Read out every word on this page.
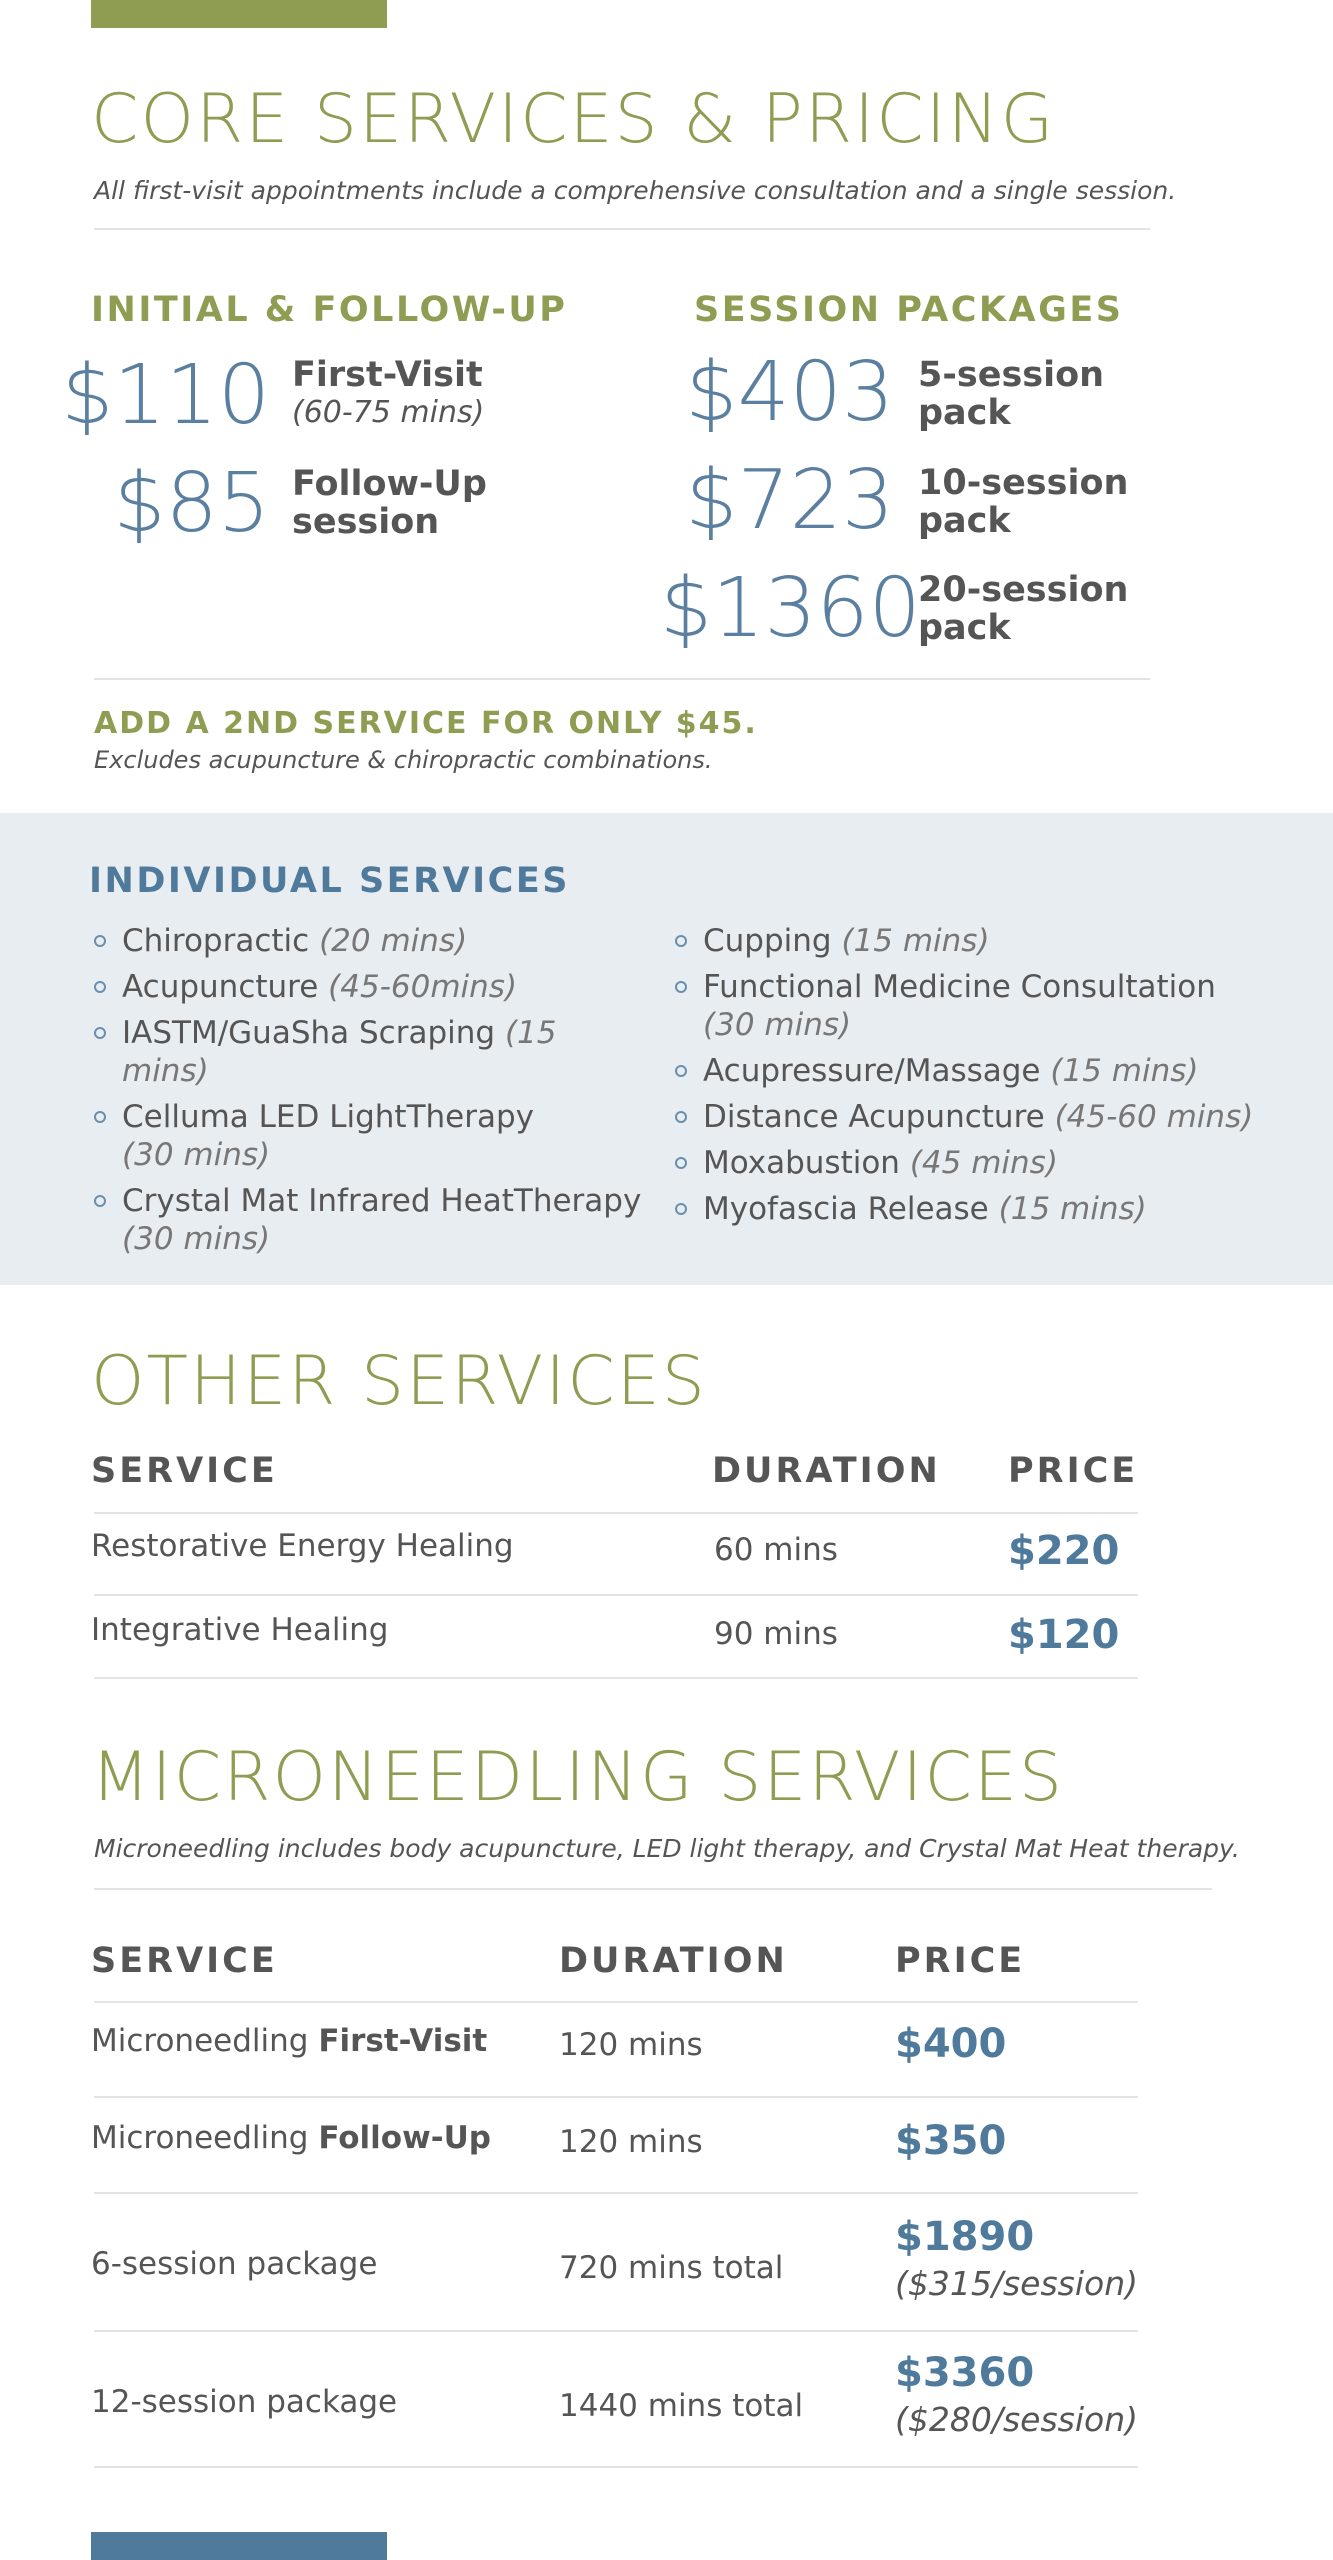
CORE SERVICES & PRICING
All first-visit appointments include a comprehensive consultation and a single session.
INITIAL & FOLLOW-UP	SESSION PACKAGES
$110 First-Visit
(60-75 mins)
$85 Follow-Up
session
$403 5-session
pack
$723 10-session
pack
$1360
20-session
pack
ADD A 2ND SERVICE FOR ONLY $45.
Excludes acupuncture & chiropractic combinations.
INDIVIDUAL SERVICES
Chiropractic (20 mins)
Acupuncture (45-60mins)
IASTM/GuaSha Scraping (15 mins)
Celluma LED LightTherapy
(30 mins)
Crystal Mat Infrared HeatTherapy
(30 mins)
Cupping (15 mins)
Functional Medicine Consultation
(30 mins)
Acupressure/Massage (15 mins)
Distance Acupuncture (45-60 mins)
Moxabustion (45 mins)
Myofascia Release (15 mins)
OTHER SERVICES
SERVICE	DURATION PRICE
Restorative Energy Healing	60 mins	$220
Integrative Healing	90 mins	$120
MICRONEEDLING SERVICES
Microneedling includes body acupuncture, LED light therapy, and Crystal Mat Heat therapy.
SERVICE	DURATION	PRICE
Microneedling First-Visit 120 mins	$400
Microneedling Follow-Up 120 mins	$350
6-session package	720 mins total
$1890
($315/session)
12-session package	1440 mins total
$3360
($280/session)
